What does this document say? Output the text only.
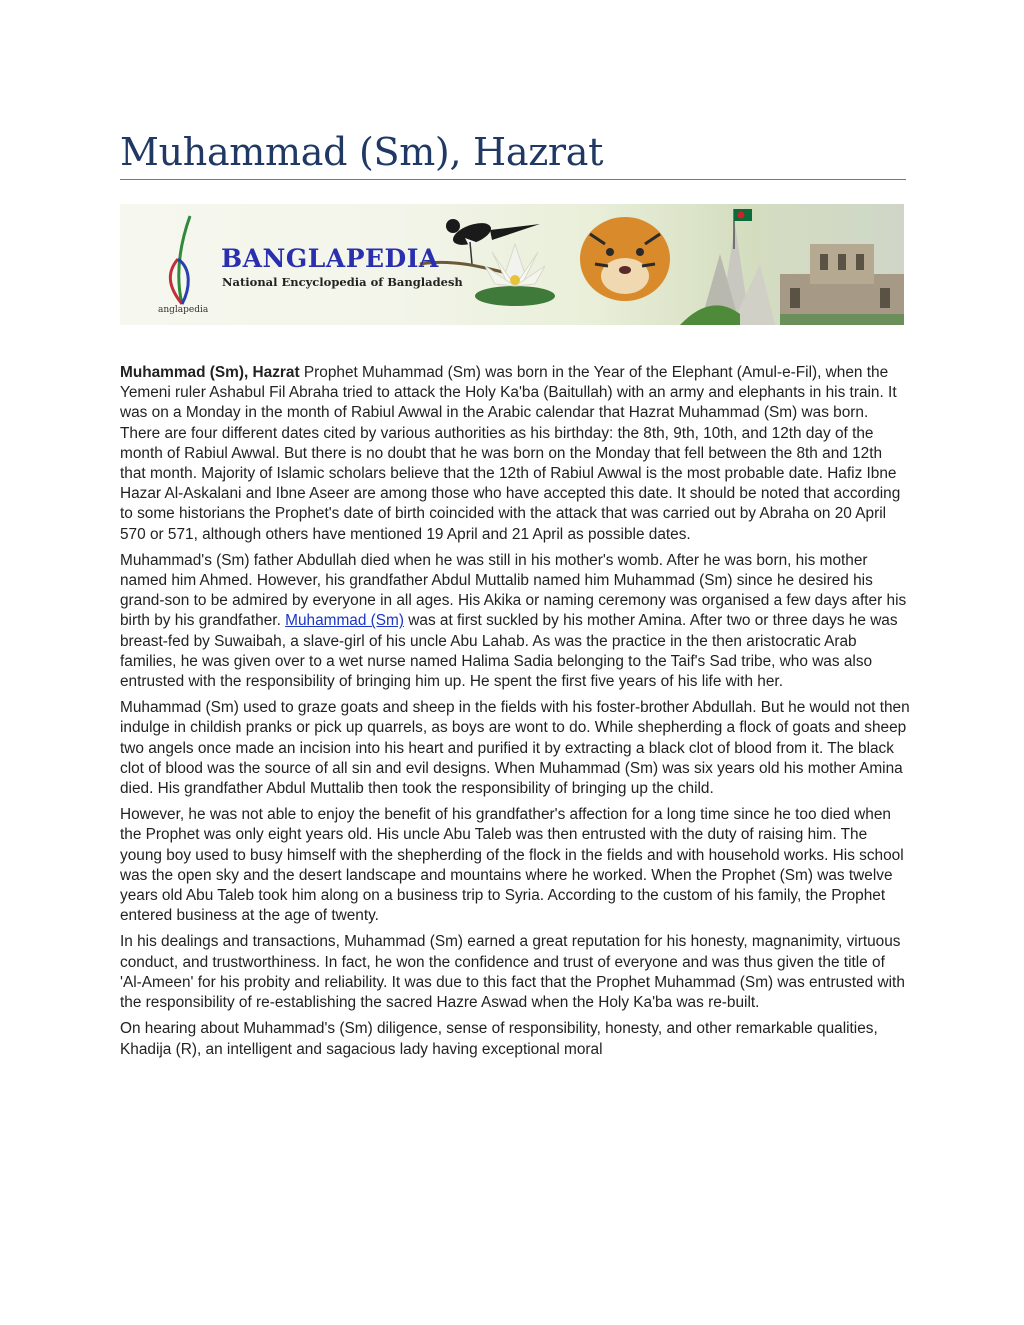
Muhammad (Sm), Hazrat
BANGLAPEDIA
National Encyclopedia of Bangladesh
anglapedia

Muhammad (Sm), Hazrat Prophet Muhammad (Sm) was born in the Year of the Elephant (Amul-e-Fil), when the Yemeni ruler Ashabul Fil Abraha tried to attack the Holy Ka'ba (Baitullah) with an army and elephants in his train. It was on a Monday in the month of Rabiul Awwal in the Arabic calendar that Hazrat Muhammad (Sm) was born. There are four different dates cited by various authorities as his birthday: the 8th, 9th, 10th, and 12th day of the month of Rabiul Awwal. But there is no doubt that he was born on the Monday that fell between the 8th and 12th that month. Majority of Islamic scholars believe that the 12th of Rabiul Awwal is the most probable date. Hafiz Ibne Hazar Al-Askalani and Ibne Aseer are among those who have accepted this date. It should be noted that according to some historians the Prophet's date of birth coincided with the attack that was carried out by Abraha on 20 April 570 or 571, although others have mentioned 19 April and 21 April as possible dates.

Muhammad's (Sm) father Abdullah died when he was still in his mother's womb. After he was born, his mother named him Ahmed. However, his grandfather Abdul Muttalib named him Muhammad (Sm) since he desired his grand-son to be admired by everyone in all ages. His Akika or naming ceremony was organised a few days after his birth by his grandfather. Muhammad (Sm) was at first suckled by his mother Amina. After two or three days he was breast-fed by Suwaibah, a slave-girl of his uncle Abu Lahab. As was the practice in the then aristocratic Arab families, he was given over to a wet nurse named Halima Sadia belonging to the Taif's Sad tribe, who was also entrusted with the responsibility of bringing him up. He spent the first five years of his life with her.

Muhammad (Sm) used to graze goats and sheep in the fields with his foster-brother Abdullah. But he would not then indulge in childish pranks or pick up quarrels, as boys are wont to do. While shepherding a flock of goats and sheep two angels once made an incision into his heart and purified it by extracting a black clot of blood from it. The black clot of blood was the source of all sin and evil designs. When Muhammad (Sm) was six years old his mother Amina died. His grandfather Abdul Muttalib then took the responsibility of bringing up the child.

However, he was not able to enjoy the benefit of his grandfather's affection for a long time since he too died when the Prophet was only eight years old. His uncle Abu Taleb was then entrusted with the duty of raising him. The young boy used to busy himself with the shepherding of the flock in the fields and with household works. His school was the open sky and the desert landscape and mountains where he worked. When the Prophet (Sm) was twelve years old Abu Taleb took him along on a business trip to Syria. According to the custom of his family, the Prophet entered business at the age of twenty.

In his dealings and transactions, Muhammad (Sm) earned a great reputation for his honesty, magnanimity, virtuous conduct, and trustworthiness. In fact, he won the confidence and trust of everyone and was thus given the title of 'Al-Ameen' for his probity and reliability. It was due to this fact that the Prophet Muhammad (Sm) was entrusted with the responsibility of re-establishing the sacred Hazre Aswad when the Holy Ka'ba was re-built.

On hearing about Muhammad's (Sm) diligence, sense of responsibility, honesty, and other remarkable qualities, Khadija (R), an intelligent and sagacious lady having exceptional moral
